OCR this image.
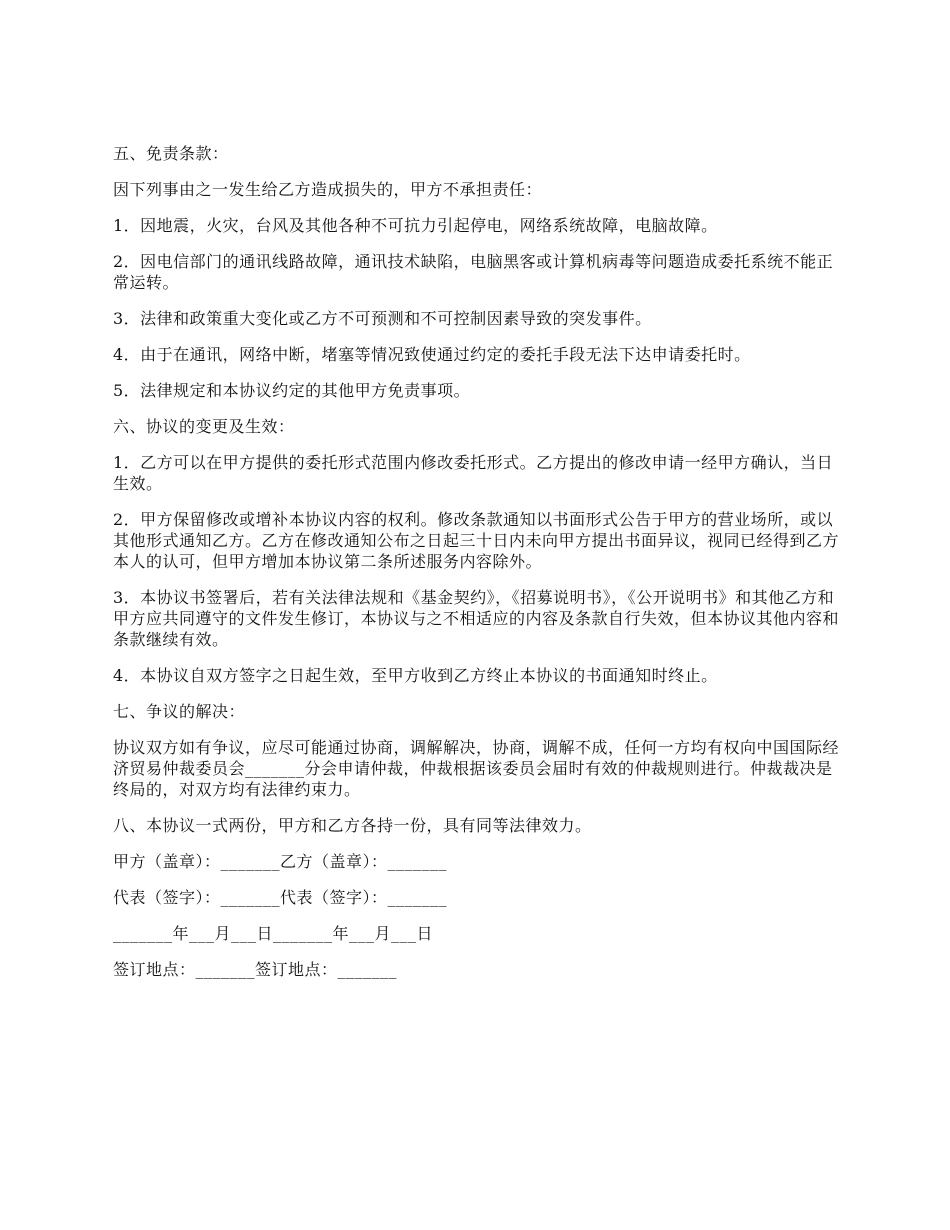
五、免责条款：

因下列事由之一发生给乙方造成损失的，甲方不承担责任：

1．因地震，火灾，台风及其他各种不可抗力引起停电，网络系统故障，电脑故障。

2．因电信部门的通讯线路故障，通讯技术缺陷，电脑黑客或计算机病毒等问题造成委托系统不能正常运转。

3．法律和政策重大变化或乙方不可预测和不可控制因素导致的突发事件。

4．由于在通讯，网络中断，堵塞等情况致使通过约定的委托手段无法下达申请委托时。

5．法律规定和本协议约定的其他甲方免责事项。

六、协议的变更及生效：

1．乙方可以在甲方提供的委托形式范围内修改委托形式。乙方提出的修改申请一经甲方确认，当日生效。

2．甲方保留修改或增补本协议内容的权利。修改条款通知以书面形式公告于甲方的营业场所，或以其他形式通知乙方。乙方在修改通知公布之日起三十日内未向甲方提出书面异议，视同已经得到乙方本人的认可，但甲方增加本协议第二条所述服务内容除外。

3．本协议书签署后，若有关法律法规和《基金契约》，《招募说明书》，《公开说明书》和其他乙方和甲方应共同遵守的文件发生修订，本协议与之不相适应的内容及条款自行失效，但本协议其他内容和条款继续有效。

4．本协议自双方签字之日起生效，至甲方收到乙方终止本协议的书面通知时终止。

七、争议的解决：

协议双方如有争议，应尽可能通过协商，调解解决，协商，调解不成，任何一方均有权向中国国际经济贸易仲裁委员会_______分会申请仲裁，仲裁根据该委员会届时有效的仲裁规则进行。仲裁裁决是终局的，对双方均有法律约束力。

八、本协议一式两份，甲方和乙方各持一份，具有同等法律效力。

甲方（盖章）：_______乙方（盖章）：_______

代表（签字）：_______代表（签字）：_______

_______年___月___日_______年___月___日

签订地点：_______签订地点：_______
